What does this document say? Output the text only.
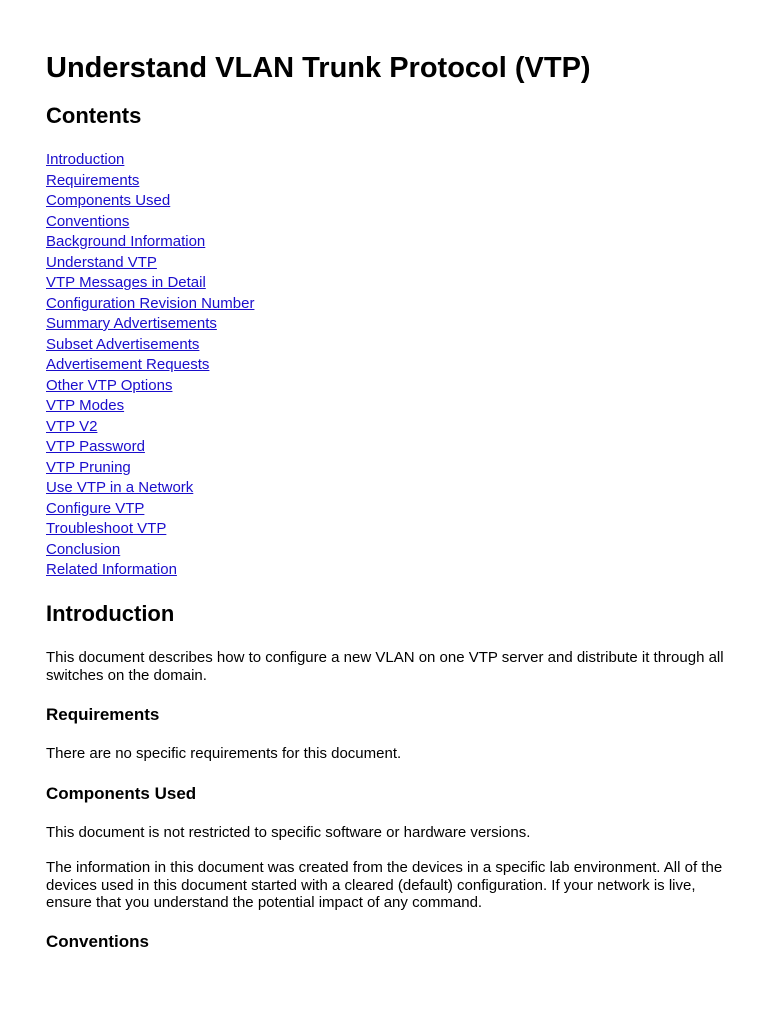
Understand VLAN Trunk Protocol (VTP)
Contents
Introduction
Requirements
Components Used
Conventions
Background Information
Understand VTP
VTP Messages in Detail
Configuration Revision Number
Summary Advertisements
Subset Advertisements
Advertisement Requests
Other VTP Options
VTP Modes
VTP V2
VTP Password
VTP Pruning
Use VTP in a Network
Configure VTP
Troubleshoot VTP
Conclusion
Related Information
Introduction

This document describes how to configure a new VLAN on one VTP server and distribute it through all switches on the domain.

Requirements

There are no specific requirements for this document.

Components Used

This document is not restricted to specific software or hardware versions.

The information in this document was created from the devices in a specific lab environment. All of the devices used in this document started with a cleared (default) configuration. If your network is live, ensure that you understand the potential impact of any command.

Conventions
